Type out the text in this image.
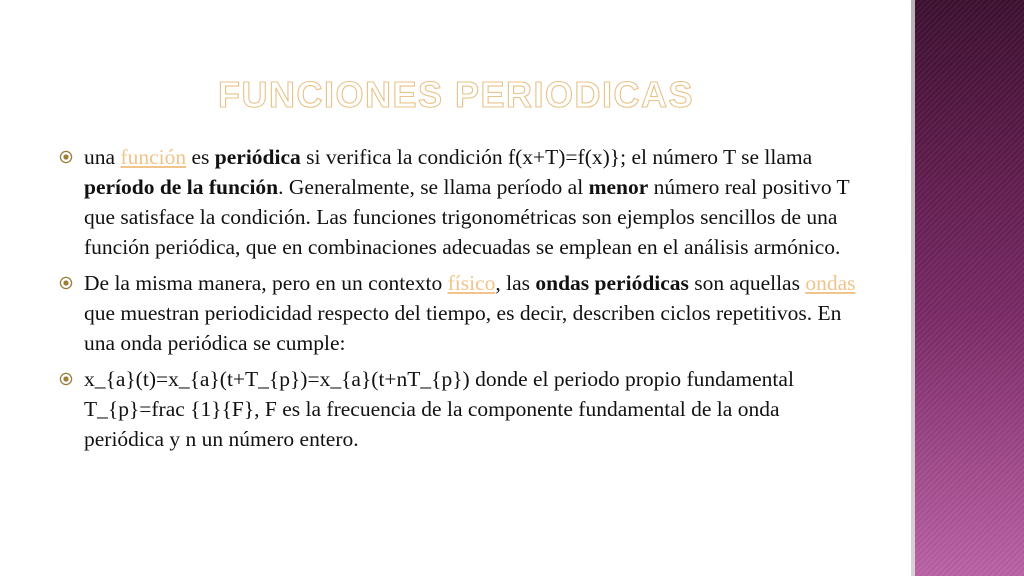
FUNCIONES PERIODICAS
una función es periódica si verifica la condición f(x+T)=f(x)}; el número T se llama período de la función. Generalmente, se llama período al menor número real positivo T que satisface la condición. Las funciones trigonométricas son ejemplos sencillos de una función periódica, que en combinaciones adecuadas se emplean en el análisis armónico.
De la misma manera, pero en un contexto físico, las ondas periódicas son aquellas ondas que muestran periodicidad respecto del tiempo, es decir, describen ciclos repetitivos. En una onda periódica se cumple:
x_{a}(t)=x_{a}(t+T_{p})=x_{a}(t+nT_{p}) donde el periodo propio fundamental T_{p}=frac {1}{F}, F es la frecuencia de la componente fundamental de la onda periódica y n un número entero.
